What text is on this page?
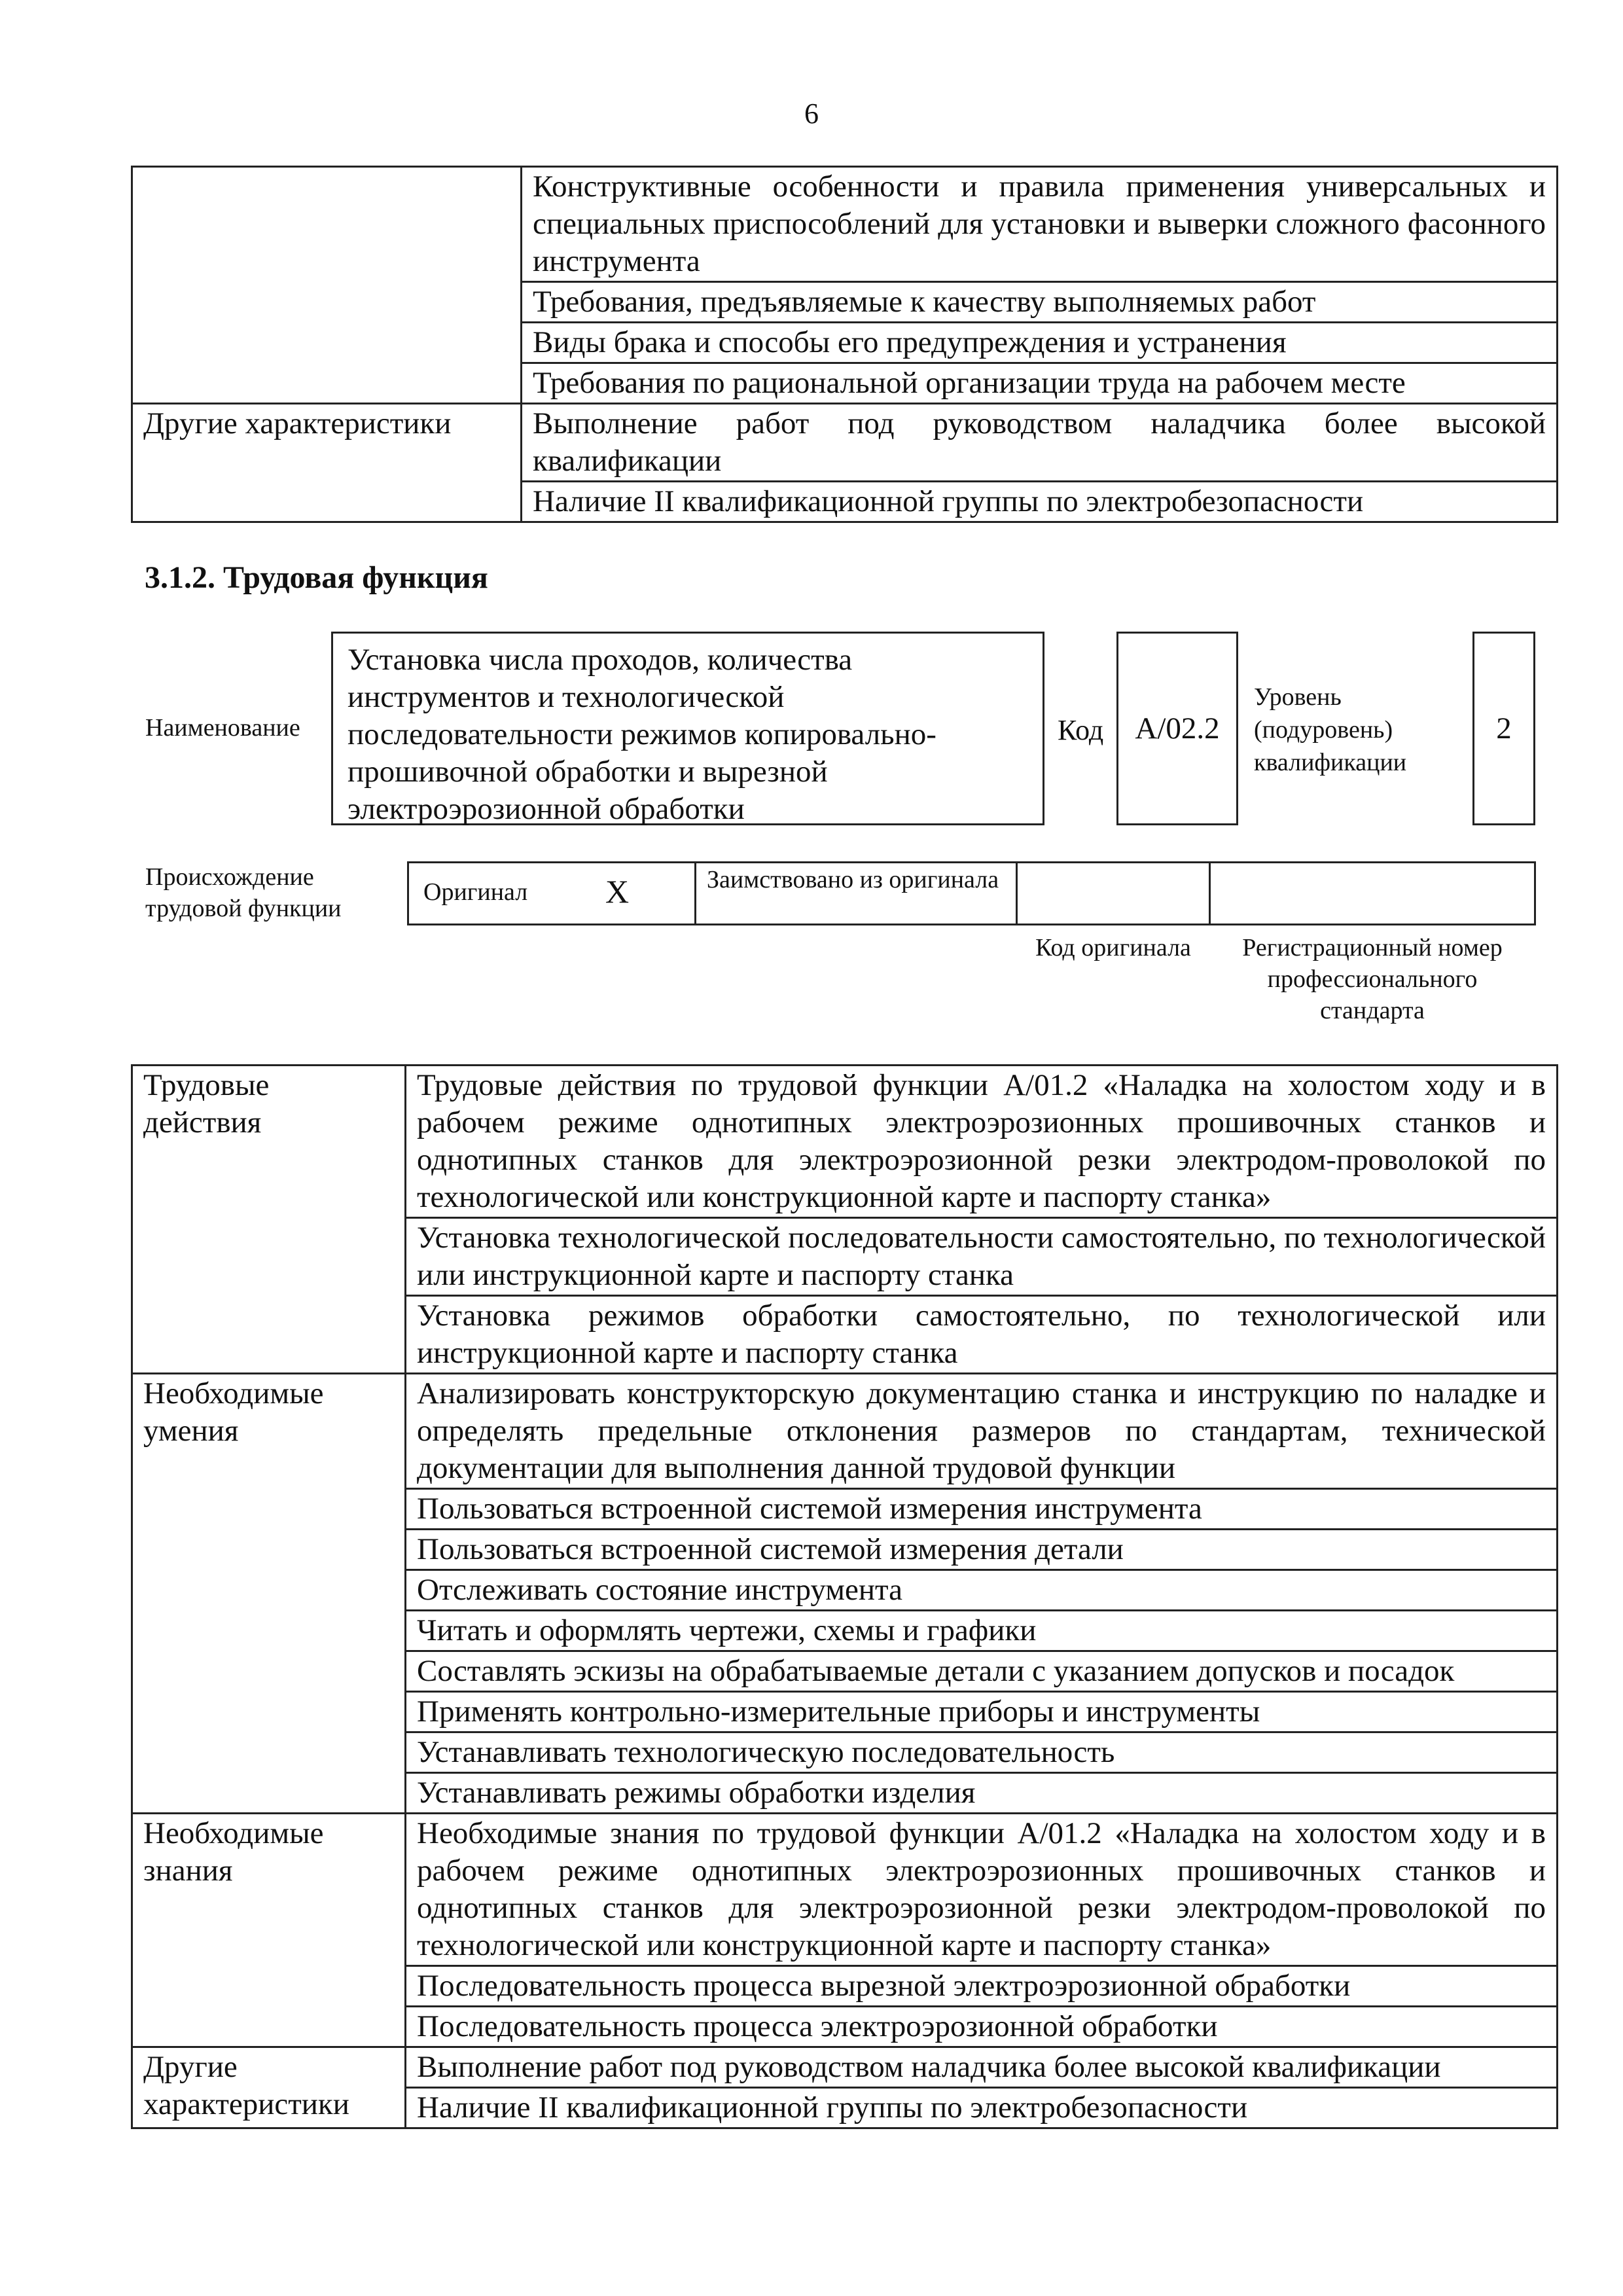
6

	Конструктивные особенности и правила применения универсальных и специальных приспособлений для установки и выверки сложного фасонного инструмента

	Требования, предъявляемые к качеству выполняемых работ

	Виды брака и способы его предупреждения и устранения

	Требования по рациональной организации труда на рабочем месте

Другие характеристики	Выполнение работ под руководством наладчика более высокой квалификации

	Наличие II квалификационной группы по электробезопасности
3.1.2. Трудовая функция
Наименование
Установка числа проходов, количества инструментов и технологической последовательности режимов копировально-прошивочной обработки и вырезной электроэрозионной обработки
Код A/02.2
Уровень (подуровень) квалификации
2
Происхождение трудовой функции
Оригинал X	Заимствовано из оригинала
Код оригинала	Регистрационный номер профессионального стандарта
Трудовые действия	Трудовые действия по трудовой функции A/01.2 «Наладка на холостом ходу и в рабочем режиме однотипных электроэрозионных прошивочных станков и однотипных станков для электроэрозионной резки электродом-проволокой по технологической или конструкционной карте и паспорту станка»

	Установка технологической последовательности самостоятельно, по технологической или инструкционной карте и паспорту станка

	Установка режимов обработки самостоятельно, по технологической или инструкционной карте и паспорту станка

Необходимые умения	Анализировать конструкторскую документацию станка и инструкцию по наладке и определять предельные отклонения размеров по стандартам, технической документации для выполнения данной трудовой функции

	Пользоваться встроенной системой измерения инструмента

	Пользоваться встроенной системой измерения детали

	Отслеживать состояние инструмента

	Читать и оформлять чертежи, схемы и графики

	Составлять эскизы на обрабатываемые детали с указанием допусков и посадок

	Применять контрольно-измерительные приборы и инструменты

	Устанавливать технологическую последовательность

	Устанавливать режимы обработки изделия

Необходимые знания	Необходимые знания по трудовой функции A/01.2 «Наладка на холостом ходу и в рабочем режиме однотипных электроэрозионных прошивочных станков и однотипных станков для электроэрозионной резки электродом-проволокой по технологической или конструкционной карте и паспорту станка»

	Последовательность процесса вырезной электроэрозионной обработки

	Последовательность процесса электроэрозионной обработки

Другие характеристики	Выполнение работ под руководством наладчика более высокой квалификации

	Наличие II квалификационной группы по электробезопасности
